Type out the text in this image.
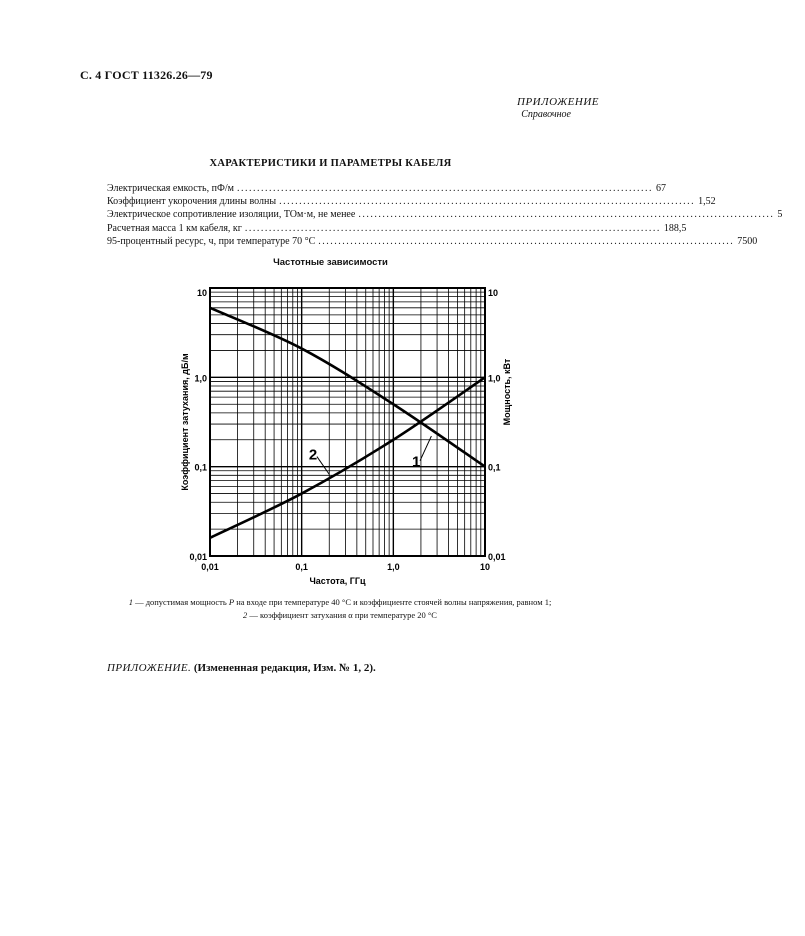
С. 4 ГОСТ 11326.26—79
ПРИЛОЖЕНИЕ
Справочное
ХАРАКТЕРИСТИКИ И ПАРАМЕТРЫ КАБЕЛЯ
Электрическая емкость, пФ/м ........................................................................................................ 67
Коэффициент укорочения длины волны ........................................................................................................ 1,52
Электрическое сопротивление изоляции, ТОм·м, не менее ........................................................................................................ 5
Расчетная масса 1 км кабеля, кг ........................................................................................................ 188,5
95-процентный ресурс, ч, при температуре 70 °С ........................................................................................................ 7500
Частотные зависимости
0,01	0,1	1,0	10
0,01
0,1
1,0
10
0,01
0,1
1,0
10
Частота, ГГц
Коэффициент затухания, дБ/м	Мощность, кВт
1
2
1 — допустимая мощность P на входе при температуре 40 °С и коэффициенте стоячей волны напряжения, равном 1;
2 — коэффициент затухания α при температуре 20 °С
ПРИЛОЖЕНИЕ. (Измененная редакция, Изм. № 1, 2).
